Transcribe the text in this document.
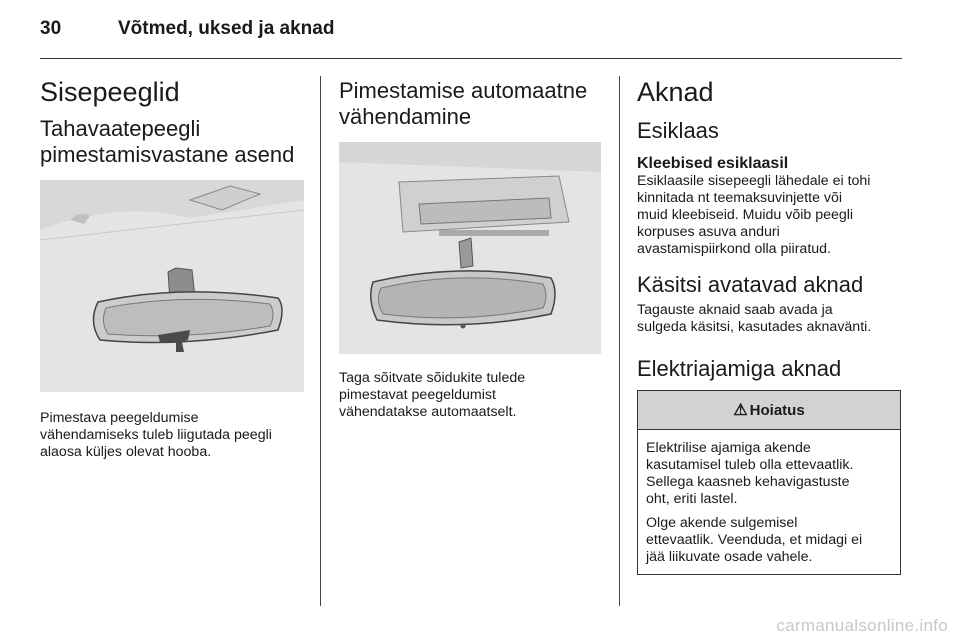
30	Võtmed, uksed ja aknad
Sisepeeglid
Tahavaatepeegli
pimestamisvastane asend

Pimestava peegeldumise

vähendamiseks tuleb liigutada peegli

alaosa küljes olevat hooba.

Pimestamise automaatne
vähendamine

Taga sõitvate sõidukite tulede

pimestavat peegeldumist

vähendatakse automaatselt.

Aknad
Esiklaas
Kleebised esiklaasil

Esiklaasile sisepeegli lähedale ei tohi

kinnitada nt teemaksuvinjette või

muid kleebiseid. Muidu võib peegli

korpuses asuva anduri

avastamispiirkond olla piiratud.

Käsitsi avatavad aknad

Tagauste aknaid saab avada ja

sulgeda käsitsi, kasutades aknavänti.

Elektriajamiga aknad
⚠ Hoiatus

Elektrilise ajamiga akende

kasutamisel tuleb olla ettevaatlik.

Sellega kaasneb kehavigastuste

oht, eriti lastel.

Olge akende sulgemisel

ettevaatlik. Veenduda, et midagi ei

jää liikuvate osade vahele.

carmanualsonline.info
